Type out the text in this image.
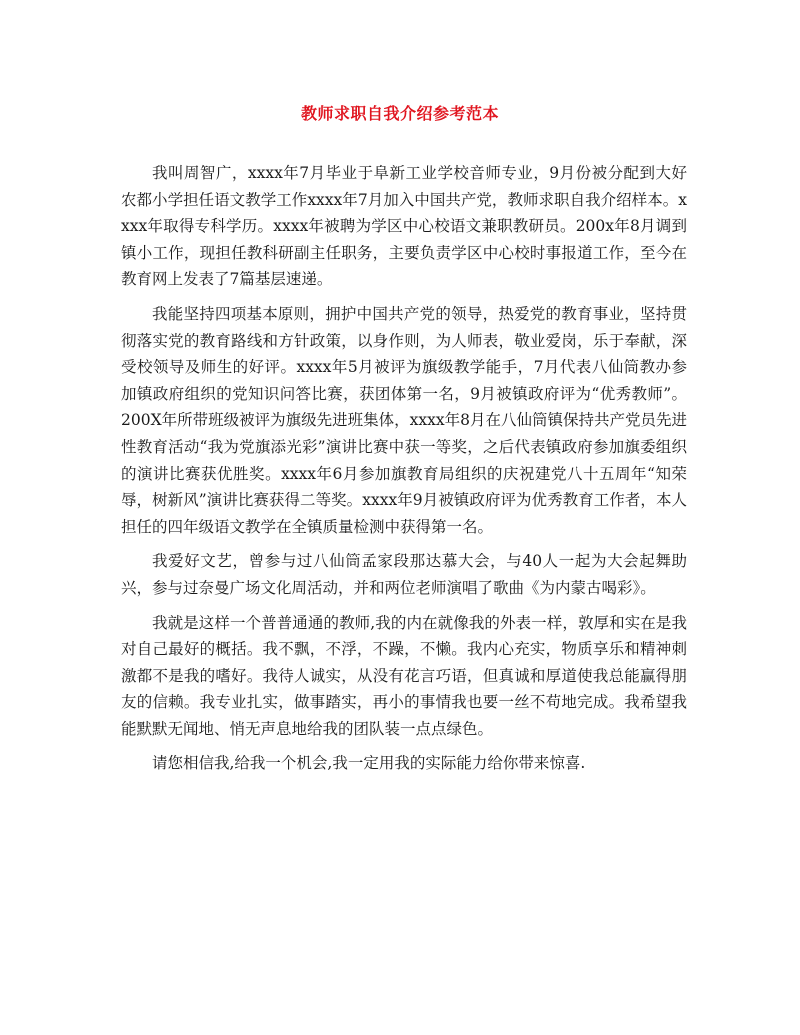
教师求职自我介绍参考范本

我叫周智广，xxxx年7月毕业于阜新工业学校音师专业，9月份被分配到大好农都小学担任语文教学工作xxxx年7月加入中国共产党，教师求职自我介绍样本。xxxx年取得专科学历。xxxx年被聘为学区中心校语文兼职教研员。200x年8月调到镇小工作，现担任教科研副主任职务，主要负责学区中心校时事报道工作，至今在教育网上发表了7篇基层速递。

我能坚持四项基本原则，拥护中国共产党的领导，热爱党的教育事业，坚持贯彻落实党的教育路线和方针政策，以身作则，为人师表，敬业爱岗，乐于奉献，深受校领导及师生的好评。xxxx年5月被评为旗级教学能手，7月代表八仙筒教办参加镇政府组织的党知识问答比赛，获团体第一名，9月被镇政府评为“优秀教师”。 200X年所带班级被评为旗级先进班集体，xxxx年8月在八仙筒镇保持共产党员先进性教育活动“我为党旗添光彩”演讲比赛中获一等奖，之后代表镇政府参加旗委组织的演讲比赛获优胜奖。xxxx年6月参加旗教育局组织的庆祝建党八十五周年“知荣辱，树新风”演讲比赛获得二等奖。xxxx年9月被镇政府评为优秀教育工作者，本人担任的四年级语文教学在全镇质量检测中获得第一名。

我爱好文艺，曾参与过八仙筒孟家段那达慕大会，与40人一起为大会起舞助兴，参与过奈曼广场文化周活动，并和两位老师演唱了歌曲《为内蒙古喝彩》。

我就是这样一个普普通通的教师,我的内在就像我的外表一样，敦厚和实在是我对自己最好的概括。我不飘，不浮，不躁，不懒。我内心充实，物质享乐和精神刺激都不是我的嗜好。我待人诚实，从没有花言巧语，但真诚和厚道使我总能赢得朋友的信赖。我专业扎实，做事踏实，再小的事情我也要一丝不苟地完成。我希望我能默默无闻地、悄无声息地给我的团队装一点点绿色。

请您相信我,给我一个机会,我一定用我的实际能力给你带来惊喜.
